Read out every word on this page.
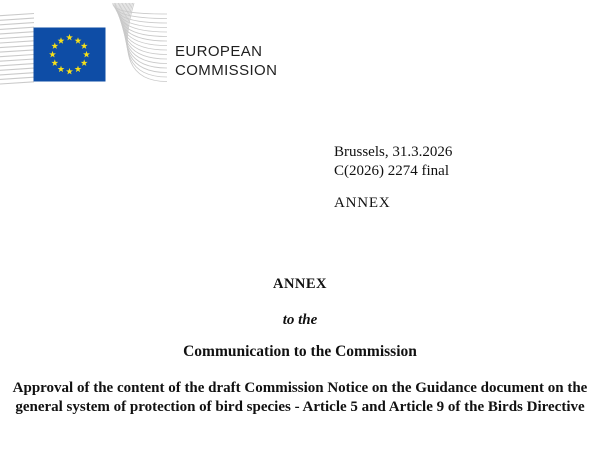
EUROPEAN
COMMISSION
Brussels, 31.3.2026
C(2026) 2274 final
ANNEX
ANNEX
to the
Communication to the Commission
Approval of the content of the draft Commission Notice on the Guidance document on the general system of protection of bird species - Article 5 and Article 9 of the Birds Directive
